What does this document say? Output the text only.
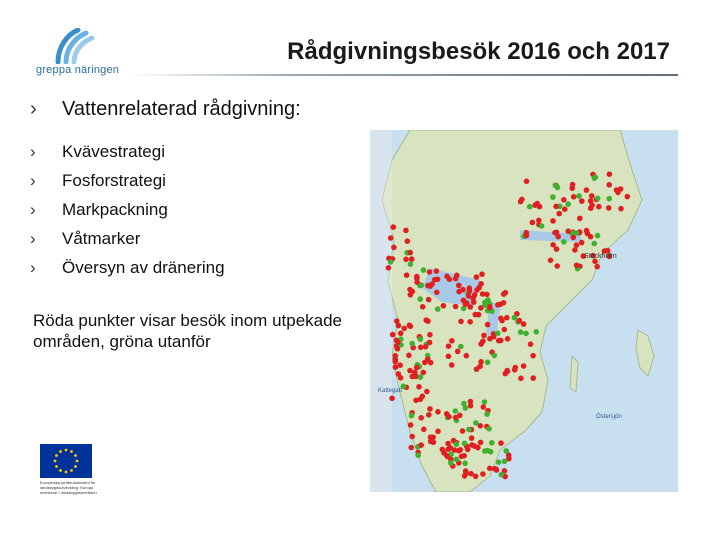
greppa näringen
Rådgivningsbesök 2016 och 2017
›	Vattenrelaterad rådgivning:
›	Kvävestrategi
›	Fosforstrategi
›	Markpackning
›	Våtmarker
›	Översyn av dränering
Röda punkter visar besök inom utpekade områden, gröna utanför
Stockholm
Kattegatt
Östersjön
Europeiska jordbruksfonden för landsbygdsutveckling: Europa investerar i landsbygdsområden
